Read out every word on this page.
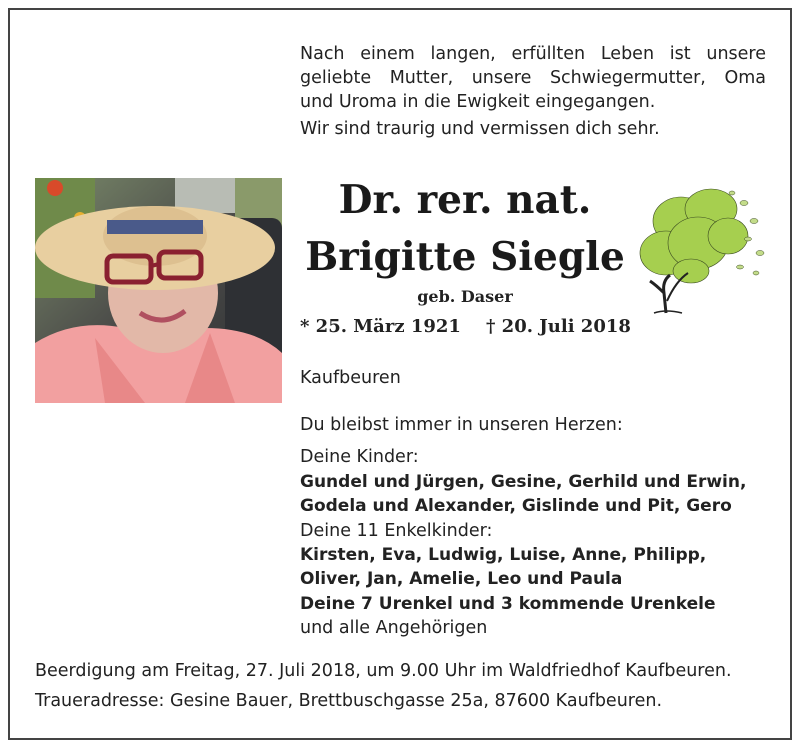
Nach einem langen, erfüllten Leben ist unsere
geliebte Mutter, unsere Schwiegermutter, Oma
und Uroma in die Ewigkeit eingegangen.
Wir sind traurig und vermissen dich sehr.
Dr. rer. nat.
Brigitte Siegle
geb. Daser
* 25. März 1921 † 20. Juli 2018
Kaufbeuren
Du bleibst immer in unseren Herzen:
Deine Kinder:
Gundel und Jürgen, Gesine, Gerhild und Erwin,
Godela und Alexander, Gislinde und Pit, Gero
Deine 11 Enkelkinder:
Kirsten, Eva, Ludwig, Luise, Anne, Philipp,
Oliver, Jan, Amelie, Leo und Paula
Deine 7 Urenkel und 3 kommende Urenkele
und alle Angehörigen
Beerdigung am Freitag, 27. Juli 2018, um 9.00 Uhr im Waldfriedhof Kaufbeuren.
Traueradresse: Gesine Bauer, Brettbuschgasse 25a, 87600 Kaufbeuren.
